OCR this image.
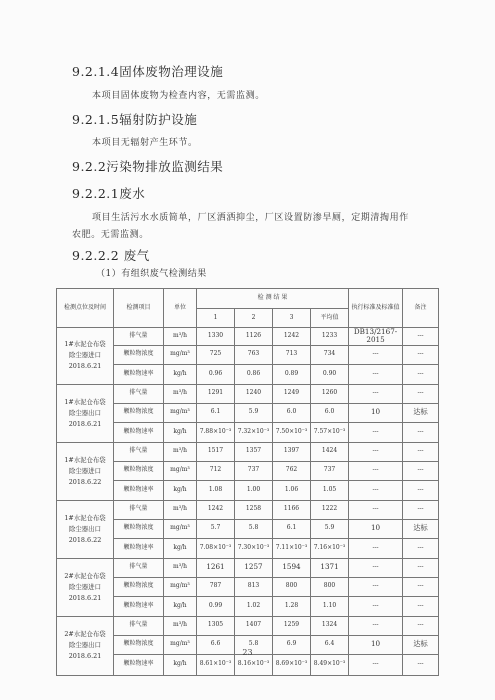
9.2.1.4固体废物治理设施
本项目固体废物为检查内容，无需监测。
9.2.1.5辐射防护设施
本项目无辐射产生环节。
9.2.2污染物排放监测结果
9.2.2.1废水
项目生活污水水质简单，厂区洒洒抑尘，厂区设置防渗旱厕，定期清掏用作
农肥。无需监测。
9.2.2.2 废气
（1）有组织废气检测结果
检测点位及时间	检测项目	单位	检 测 结 果				执行标准及标准值	备注
			1	2	3	平均值		

1#水泥仓布袋
除尘器进口
2018.6.21	排气量	m³/h	1330	1126	1242	1233	DB13/2167-2015	---
	颗粒物浓度	mg/m³	725	763	713	734	---	---
	颗粒物速率	kg/h	0.96	0.86	0.89	0.90	---	---

1#水泥仓布袋
除尘器出口
2018.6.21	排气量	m³/h	1291	1240	1249	1260	---	---
	颗粒物浓度	mg/m³	6.1	5.9	6.0	6.0	10	达标
	颗粒物速率	kg/h	7.88×10⁻³	7.32×10⁻³	7.50×10⁻³	7.57×10⁻³	---	---

1#水泥仓布袋
除尘器进口
2018.6.22	排气量	m³/h	1517	1357	1397	1424	---	---
	颗粒物浓度	mg/m³	712	737	762	737	---	---
	颗粒物速率	kg/h	1.08	1.00	1.06	1.05	---	---

1#水泥仓布袋
除尘器出口
2018.6.22	排气量	m³/h	1242	1258	1166	1222	---	---
	颗粒物浓度	mg/m³	5.7	5.8	6.1	5.9	10	达标
	颗粒物速率	kg/h	7.08×10⁻³	7.30×10⁻³	7.11×10⁻³	7.16×10⁻³	---	---

2#水泥仓布袋
除尘器进口
2018.6.21	排气量	m³/h	1261	1257	1594	1371	---	---
	颗粒物浓度	mg/m³	787	813	800	800	---	---
	颗粒物速率	kg/h	0.99	1.02	1.28	1.10	---	---

2#水泥仓布袋
除尘器出口
2018.6.21	排气量	m³/h	1305	1407	1259	1324	---	---
	颗粒物浓度	mg/m³	6.6	5.8	6.9	6.4	10	达标
	颗粒物速率	kg/h	8.61×10⁻³	8.16×10⁻³	8.69×10⁻³	8.49×10⁻³	---	---
23
